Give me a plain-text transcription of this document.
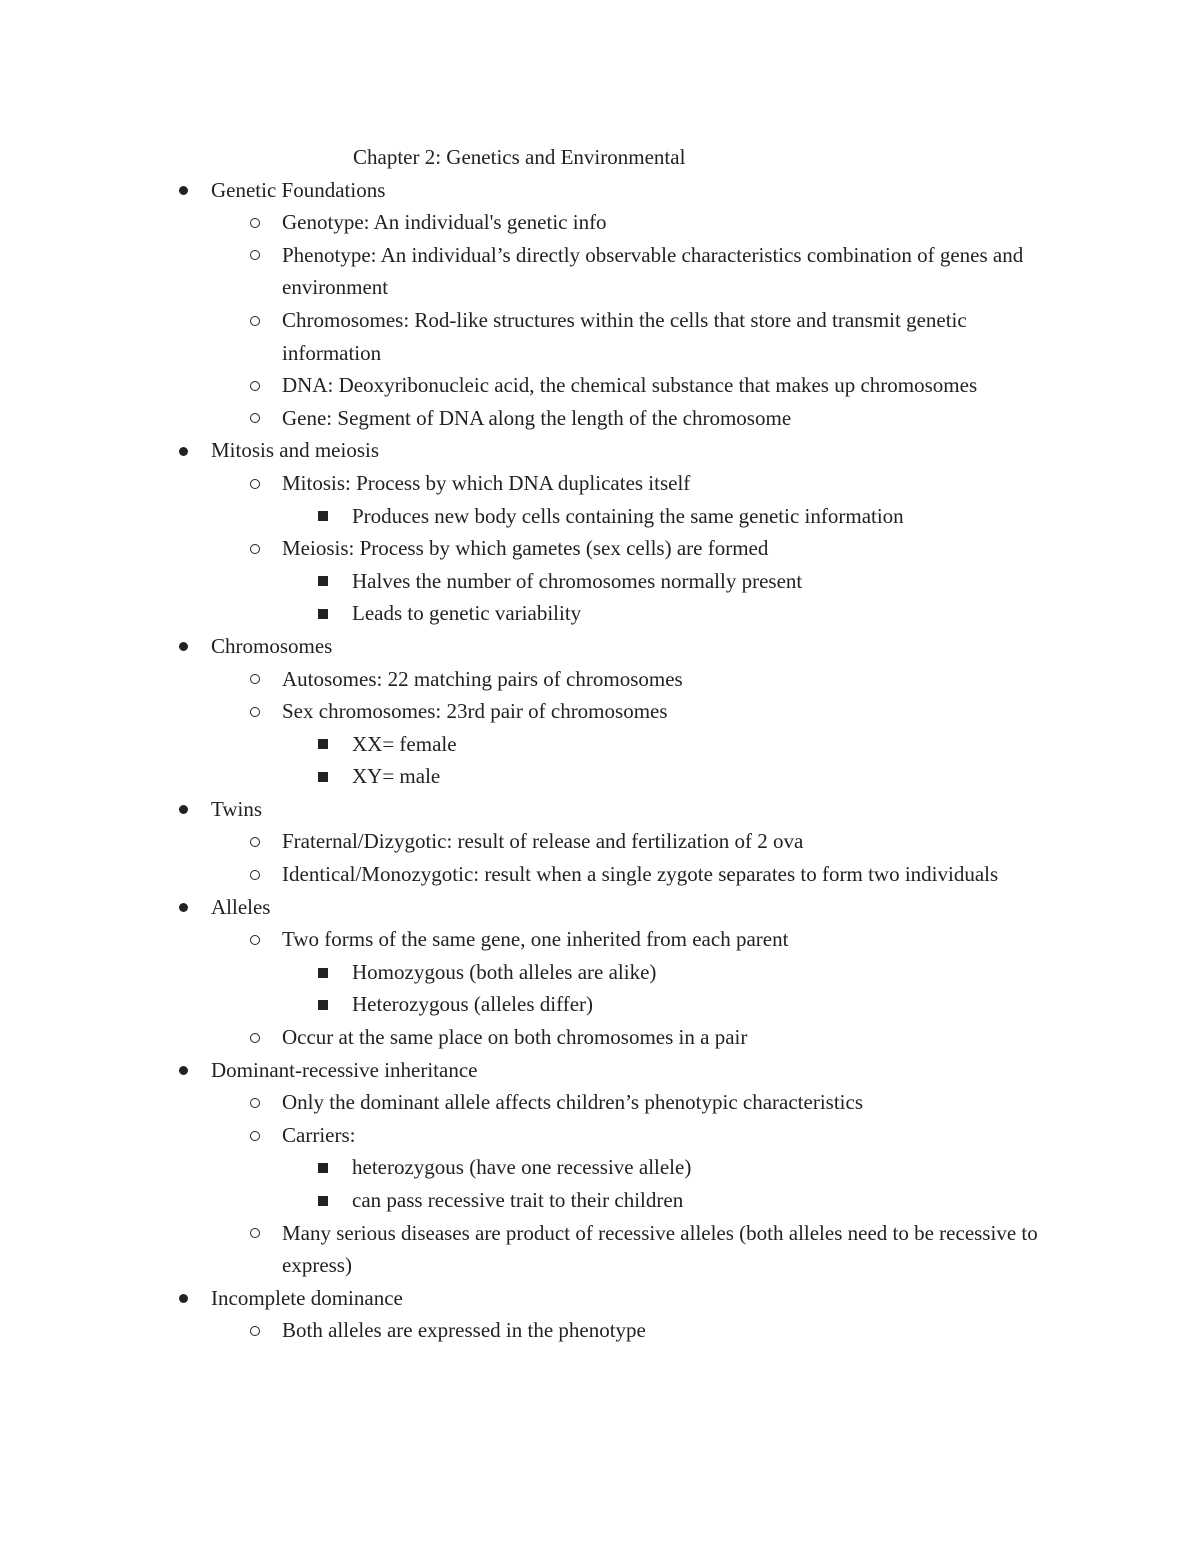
Chapter 2: Genetics and Environmental
Genetic Foundations
Genotype: An individual's genetic info
Phenotype: An individual’s directly observable characteristics combination of genes and environment
Chromosomes: Rod-like structures within the cells that store and transmit genetic information
DNA: Deoxyribonucleic acid, the chemical substance that makes up chromosomes
Gene: Segment of DNA along the length of the chromosome
Mitosis and meiosis
Mitosis: Process by which DNA duplicates itself
Produces new body cells containing the same genetic information
Meiosis: Process by which gametes (sex cells) are formed
Halves the number of chromosomes normally present
Leads to genetic variability
Chromosomes
Autosomes: 22 matching pairs of chromosomes
Sex chromosomes: 23rd pair of chromosomes
XX= female
XY= male
Twins
Fraternal/Dizygotic: result of release and fertilization of 2 ova
Identical/Monozygotic: result when a single zygote separates to form two individuals
Alleles
Two forms of the same gene, one inherited from each parent
Homozygous (both alleles are alike)
Heterozygous (alleles differ)
Occur at the same place on both chromosomes in a pair
Dominant-recessive inheritance
Only the dominant allele affects children’s phenotypic characteristics
Carriers:
heterozygous (have one recessive allele)
can pass recessive trait to their children
Many serious diseases are product of recessive alleles (both alleles need to be recessive to express)
Incomplete dominance
Both alleles are expressed in the phenotype
